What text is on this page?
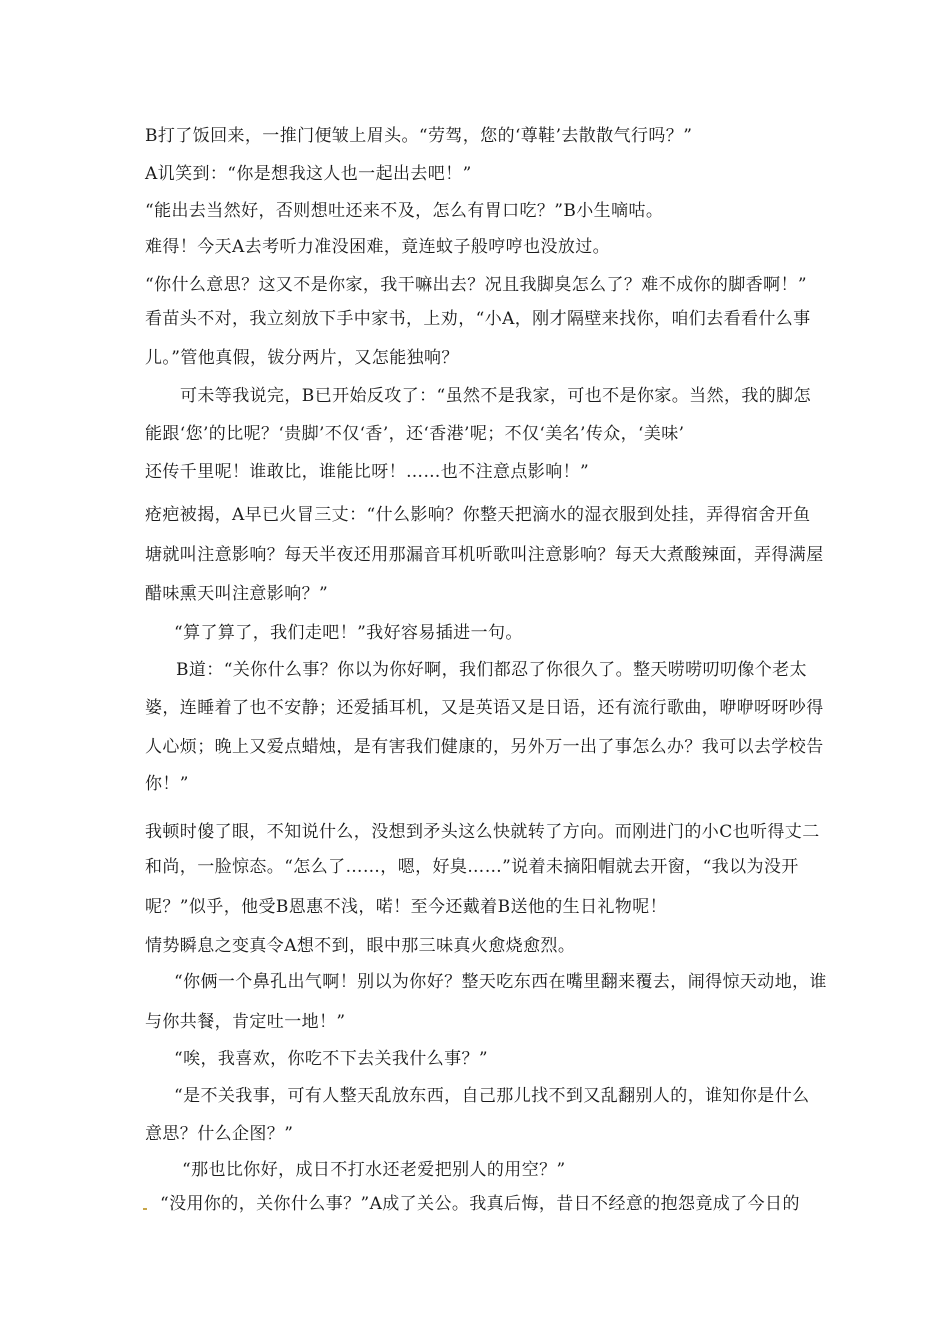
B打了饭回来，一推门便皱上眉头。“劳驾，您的‘尊鞋’去散散气行吗？”
A讥笑到：“你是想我这人也一起出去吧！”
“能出去当然好，否则想吐还来不及，怎么有胃口吃？”B小生嘀咕。
难得！今天A去考听力准没困难，竟连蚊子般哼哼也没放过。
“你什么意思？这又不是你家，我干嘛出去？况且我脚臭怎么了？难不成你的脚香啊！”
看苗头不对，我立刻放下手中家书，上劝，“小A，刚才隔壁来找你，咱们去看看什么事
儿。”管他真假，钹分两片，又怎能独响？
可未等我说完，B已开始反攻了：“虽然不是我家，可也不是你家。当然，我的脚怎
能跟‘您’的比呢？‘贵脚’不仅‘香’，还‘香港’呢；不仅‘美名’传众，‘美味’
还传千里呢！谁敢比，谁能比呀！……也不注意点影响！”
疮疤被揭，A早已火冒三丈：“什么影响？你整天把滴水的湿衣服到处挂，弄得宿舍开鱼
塘就叫注意影响？每天半夜还用那漏音耳机听歌叫注意影响？每天大煮酸辣面，弄得满屋
醋味熏天叫注意影响？”
“算了算了，我们走吧！”我好容易插进一句。
B道：“关你什么事？你以为你好啊，我们都忍了你很久了。整天唠唠叨叨像个老太
婆，连睡着了也不安静；还爱插耳机，又是英语又是日语，还有流行歌曲，咿咿呀呀吵得
人心烦；晚上又爱点蜡烛，是有害我们健康的，另外万一出了事怎么办？我可以去学校告
你！”
我顿时傻了眼，不知说什么，没想到矛头这么快就转了方向。而刚进门的小C也听得丈二
和尚，一脸惊态。“怎么了……，嗯，好臭……”说着未摘阳帽就去开窗，“我以为没开
呢？”似乎，他受B恩惠不浅，喏！至今还戴着B送他的生日礼物呢！
情势瞬息之变真令A想不到，眼中那三味真火愈烧愈烈。
“你俩一个鼻孔出气啊！别以为你好？整天吃东西在嘴里翻来覆去，闹得惊天动地，谁
与你共餐，肯定吐一地！”
“唉，我喜欢，你吃不下去关我什么事？”
“是不关我事，可有人整天乱放东西，自己那儿找不到又乱翻别人的，谁知你是什么
意思？什么企图？”
“那也比你好，成日不打水还老爱把别人的用空？”
“没用你的，关你什么事？”A成了关公。我真后悔，昔日不经意的抱怨竟成了今日的
